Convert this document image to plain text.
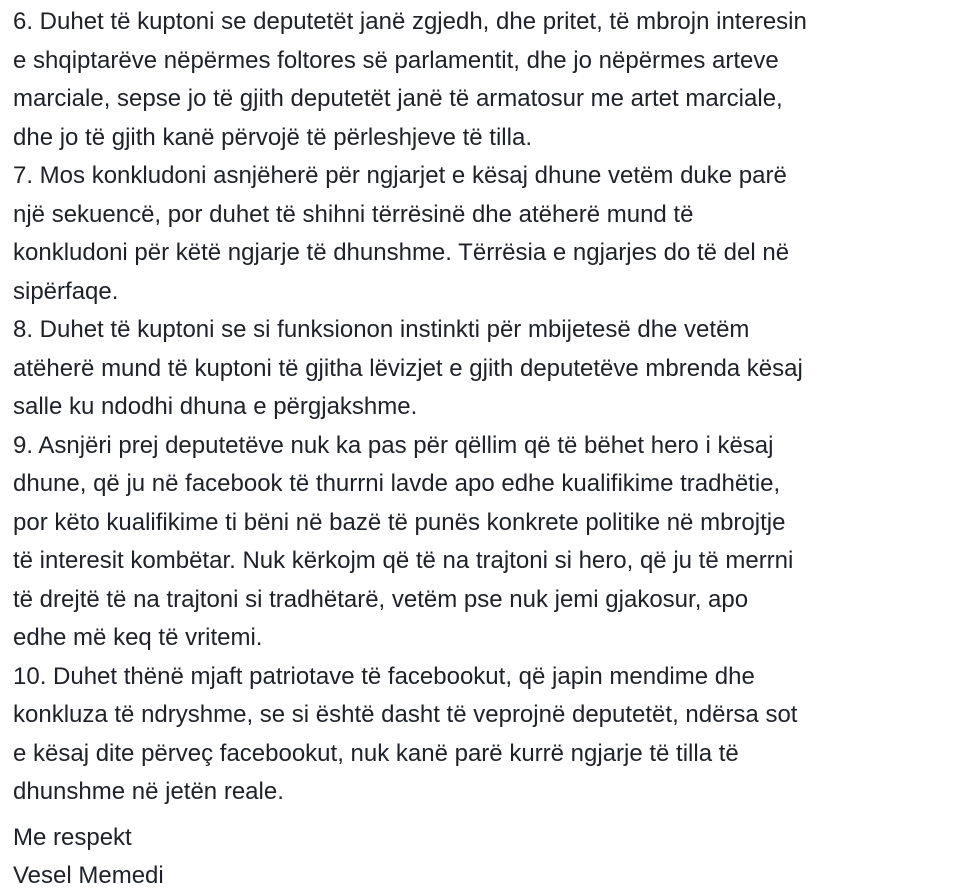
6. Duhet të kuptoni se deputetët janë zgjedh, dhe pritet, të mbrojn interesin
e shqiptarëve nëpërmes foltores së parlamentit, dhe jo nëpërmes arteve
marciale, sepse jo të gjith deputetët janë të armatosur me artet marciale,
dhe jo të gjith kanë përvojë të përleshjeve të tilla.
7. Mos konkludoni asnjëherë për ngjarjet e kësaj dhune vetëm duke parë
një sekuencë, por duhet të shihni tërrësinë dhe atëherë mund të
konkludoni për këtë ngjarje të dhunshme. Tërrësia e ngjarjes do të del në
sipërfaqe.
8. Duhet të kuptoni se si funksionon instinkti për mbijetesë dhe vetëm
atëherë mund të kuptoni të gjitha lëvizjet e gjith deputetëve mbrenda kësaj
salle ku ndodhi dhuna e përgjakshme.
9. Asnjëri prej deputetëve nuk ka pas për qëllim që të bëhet hero i kësaj
dhune, që ju në facebook të thurrni lavde apo edhe kualifikime tradhëtie,
por këto kualifikime ti bëni në bazë të punës konkrete politike në mbrojtje
të interesit kombëtar. Nuk kërkojm që të na trajtoni si hero, që ju të merrni
të drejtë të na trajtoni si tradhëtarë, vetëm pse nuk jemi gjakosur, apo
edhe më keq të vritemi.
10. Duhet thënë mjaft patriotave të facebookut, që japin mendime dhe
konkluza të ndryshme, se si është dasht të veprojnë deputetët, ndërsa sot
e kësaj dite përveç facebookut, nuk kanë parë kurrë ngjarje të tilla të
dhunshme në jetën reale.
Me respekt
Vesel Memedi
